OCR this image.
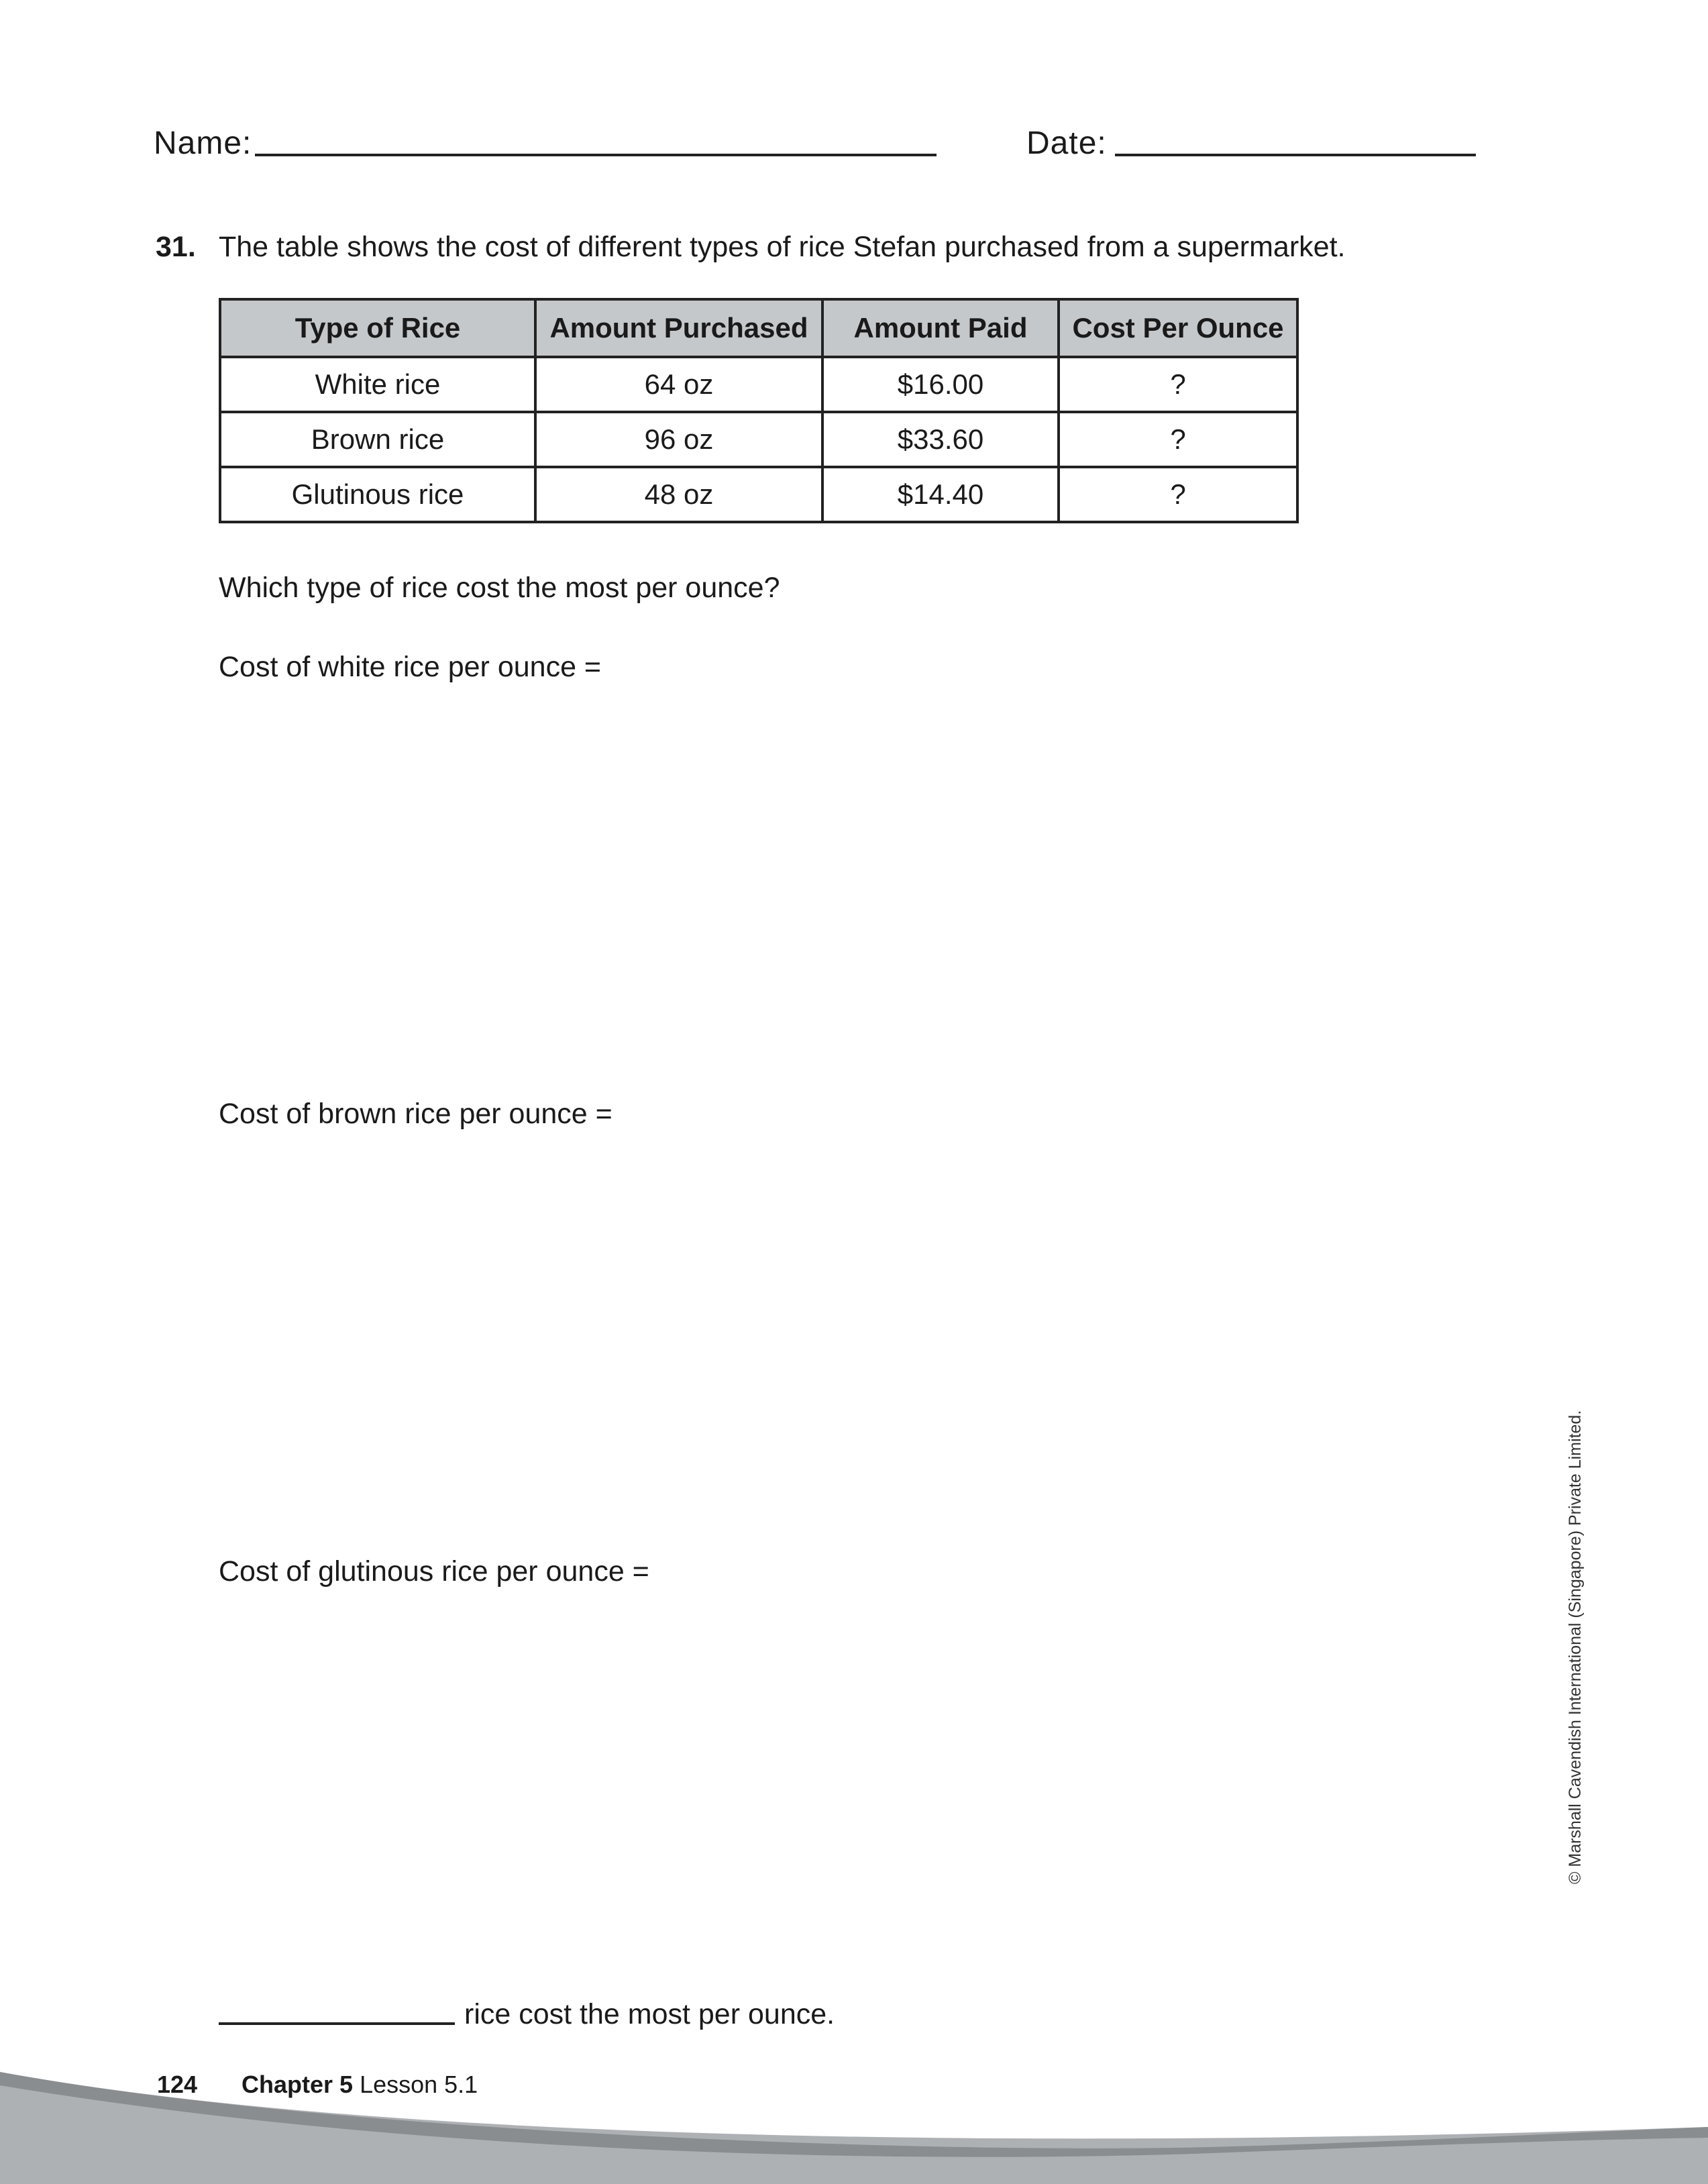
Name:	Date:
31. The table shows the cost of different types of rice Stefan purchased from a supermarket.
Type of Rice	Amount Purchased	Amount Paid	Cost Per Ounce
White rice	64 oz	$16.00	?
Brown rice	96 oz	$33.60	?
Glutinous rice	48 oz	$14.40	?
Which type of rice cost the most per ounce?
Cost of white rice per ounce =
Cost of brown rice per ounce =
Cost of glutinous rice per ounce =
rice cost the most per ounce.
© Marshall Cavendish International (Singapore) Private Limited.
124 Chapter 5 Lesson 5.1
